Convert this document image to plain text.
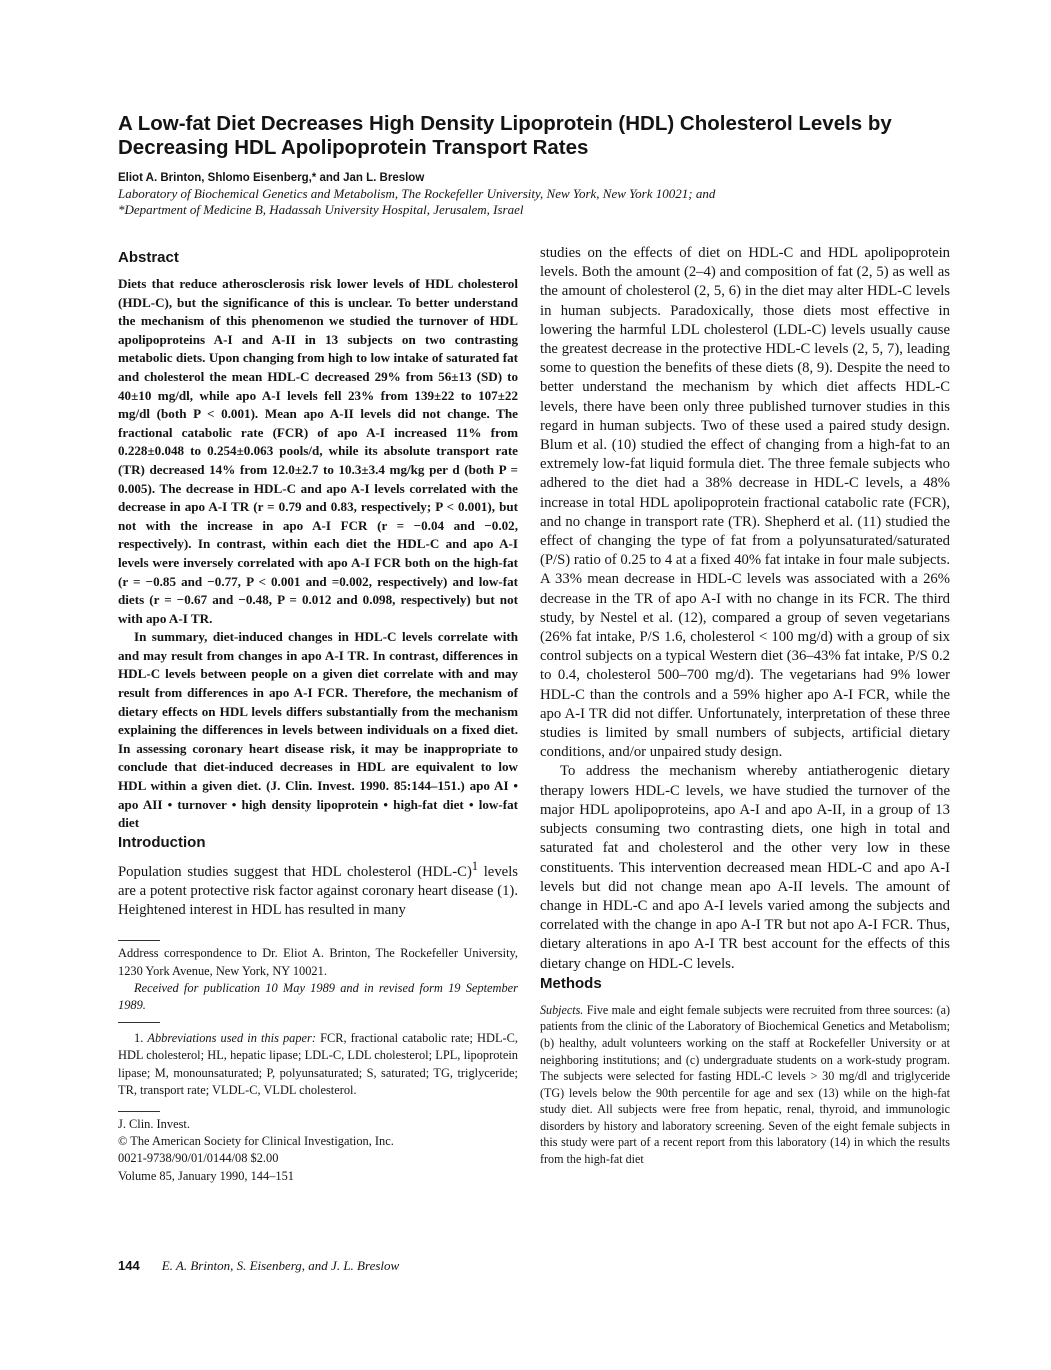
A Low-fat Diet Decreases High Density Lipoprotein (HDL) Cholesterol Levels by Decreasing HDL Apolipoprotein Transport Rates
Eliot A. Brinton, Shlomo Eisenberg,* and Jan L. Breslow
Laboratory of Biochemical Genetics and Metabolism, The Rockefeller University, New York, New York 10021; and
*Department of Medicine B, Hadassah University Hospital, Jerusalem, Israel
Abstract

Diets that reduce atherosclerosis risk lower levels of HDL cholesterol (HDL-C), but the significance of this is unclear. To better understand the mechanism of this phenomenon we studied the turnover of HDL apolipoproteins A-I and A-II in 13 subjects on two contrasting metabolic diets. Upon changing from high to low intake of saturated fat and cholesterol the mean HDL-C decreased 29% from 56±13 (SD) to 40±10 mg/dl, while apo A-I levels fell 23% from 139±22 to 107±22 mg/dl (both P < 0.001). Mean apo A-II levels did not change. The fractional catabolic rate (FCR) of apo A-I increased 11% from 0.228±0.048 to 0.254±0.063 pools/d, while its absolute transport rate (TR) decreased 14% from 12.0±2.7 to 10.3±3.4 mg/kg per d (both P = 0.005). The decrease in HDL-C and apo A-I levels correlated with the decrease in apo A-I TR (r = 0.79 and 0.83, respectively; P < 0.001), but not with the increase in apo A-I FCR (r = −0.04 and −0.02, respectively). In contrast, within each diet the HDL-C and apo A-I levels were inversely correlated with apo A-I FCR both on the high-fat (r = −0.85 and −0.77, P < 0.001 and =0.002, respectively) and low-fat diets (r = −0.67 and −0.48, P = 0.012 and 0.098, respectively) but not with apo A-I TR.

In summary, diet-induced changes in HDL-C levels correlate with and may result from changes in apo A-I TR. In contrast, differences in HDL-C levels between people on a given diet correlate with and may result from differences in apo A-I FCR. Therefore, the mechanism of dietary effects on HDL levels differs substantially from the mechanism explaining the differences in levels between individuals on a fixed diet. In assessing coronary heart disease risk, it may be inappropriate to conclude that diet-induced decreases in HDL are equivalent to low HDL within a given diet. (J. Clin. Invest. 1990. 85:144–151.) apo AI • apo AII • turnover • high density lipoprotein • high-fat diet • low-fat diet

Introduction

Population studies suggest that HDL cholesterol $(HDL-C)^1$ levels are a potent protective risk factor against coronary heart disease (1). Heightened interest in HDL has resulted in many

Address correspondence to Dr. Eliot A. Brinton, The Rockefeller University, 1230 York Avenue, New York, NY 10021.

Received for publication 10 May 1989 and in revised form 19 September 1989.

1. Abbreviations used in this paper: FCR, fractional catabolic rate; HDL-C, HDL cholesterol; HL, hepatic lipase; LDL-C, LDL cholesterol; LPL, lipoprotein lipase; M, monounsaturated; P, polyunsaturated; S, saturated; TG, triglyceride; TR, transport rate; VLDL-C, VLDL cholesterol.

J. Clin. Invest.
© The American Society for Clinical Investigation, Inc.
0021-9738/90/01/0144/08 $2.00
Volume 85, January 1990, 144–151

studies on the effects of diet on HDL-C and HDL apolipoprotein levels. Both the amount (2–4) and composition of fat (2, 5) as well as the amount of cholesterol (2, 5, 6) in the diet may alter HDL-C levels in human subjects. Paradoxically, those diets most effective in lowering the harmful LDL cholesterol (LDL-C) levels usually cause the greatest decrease in the protective HDL-C levels (2, 5, 7), leading some to question the benefits of these diets (8, 9). Despite the need to better understand the mechanism by which diet affects HDL-C levels, there have been only three published turnover studies in this regard in human subjects. Two of these used a paired study design. Blum et al. (10) studied the effect of changing from a high-fat to an extremely low-fat liquid formula diet. The three female subjects who adhered to the diet had a 38% decrease in HDL-C levels, a 48% increase in total HDL apolipoprotein fractional catabolic rate (FCR), and no change in transport rate (TR). Shepherd et al. (11) studied the effect of changing the type of fat from a polyunsaturated/saturated (P/S) ratio of 0.25 to 4 at a fixed 40% fat intake in four male subjects. A 33% mean decrease in HDL-C levels was associated with a 26% decrease in the TR of apo A-I with no change in its FCR. The third study, by Nestel et al. (12), compared a group of seven vegetarians (26% fat intake, P/S 1.6, cholesterol < 100 mg/d) with a group of six control subjects on a typical Western diet (36–43% fat intake, P/S 0.2 to 0.4, cholesterol 500–700 mg/d). The vegetarians had 9% lower HDL-C than the controls and a 59% higher apo A-I FCR, while the apo A-I TR did not differ. Unfortunately, interpretation of these three studies is limited by small numbers of subjects, artificial dietary conditions, and/or unpaired study design.

To address the mechanism whereby antiatherogenic dietary therapy lowers HDL-C levels, we have studied the turnover of the major HDL apolipoproteins, apo A-I and apo A-II, in a group of 13 subjects consuming two contrasting diets, one high in total and saturated fat and cholesterol and the other very low in these constituents. This intervention decreased mean HDL-C and apo A-I levels but did not change mean apo A-II levels. The amount of change in HDL-C and apo A-I levels varied among the subjects and correlated with the change in apo A-I TR but not apo A-I FCR. Thus, dietary alterations in apo A-I TR best account for the effects of this dietary change on HDL-C levels.

Methods

Subjects. Five male and eight female subjects were recruited from three sources: (a) patients from the clinic of the Laboratory of Biochemical Genetics and Metabolism; (b) healthy, adult volunteers working on the staff at Rockefeller University or at neighboring institutions; and (c) undergraduate students on a work-study program. The subjects were selected for fasting HDL-C levels > 30 mg/dl and triglyceride (TG) levels below the 90th percentile for age and sex (13) while on the high-fat study diet. All subjects were free from hepatic, renal, thyroid, and immunologic disorders by history and laboratory screening. Seven of the eight female subjects in this study were part of a recent report from this laboratory (14) in which the results from the high-fat diet

144 E. A. Brinton, S. Eisenberg, and J. L. Breslow
